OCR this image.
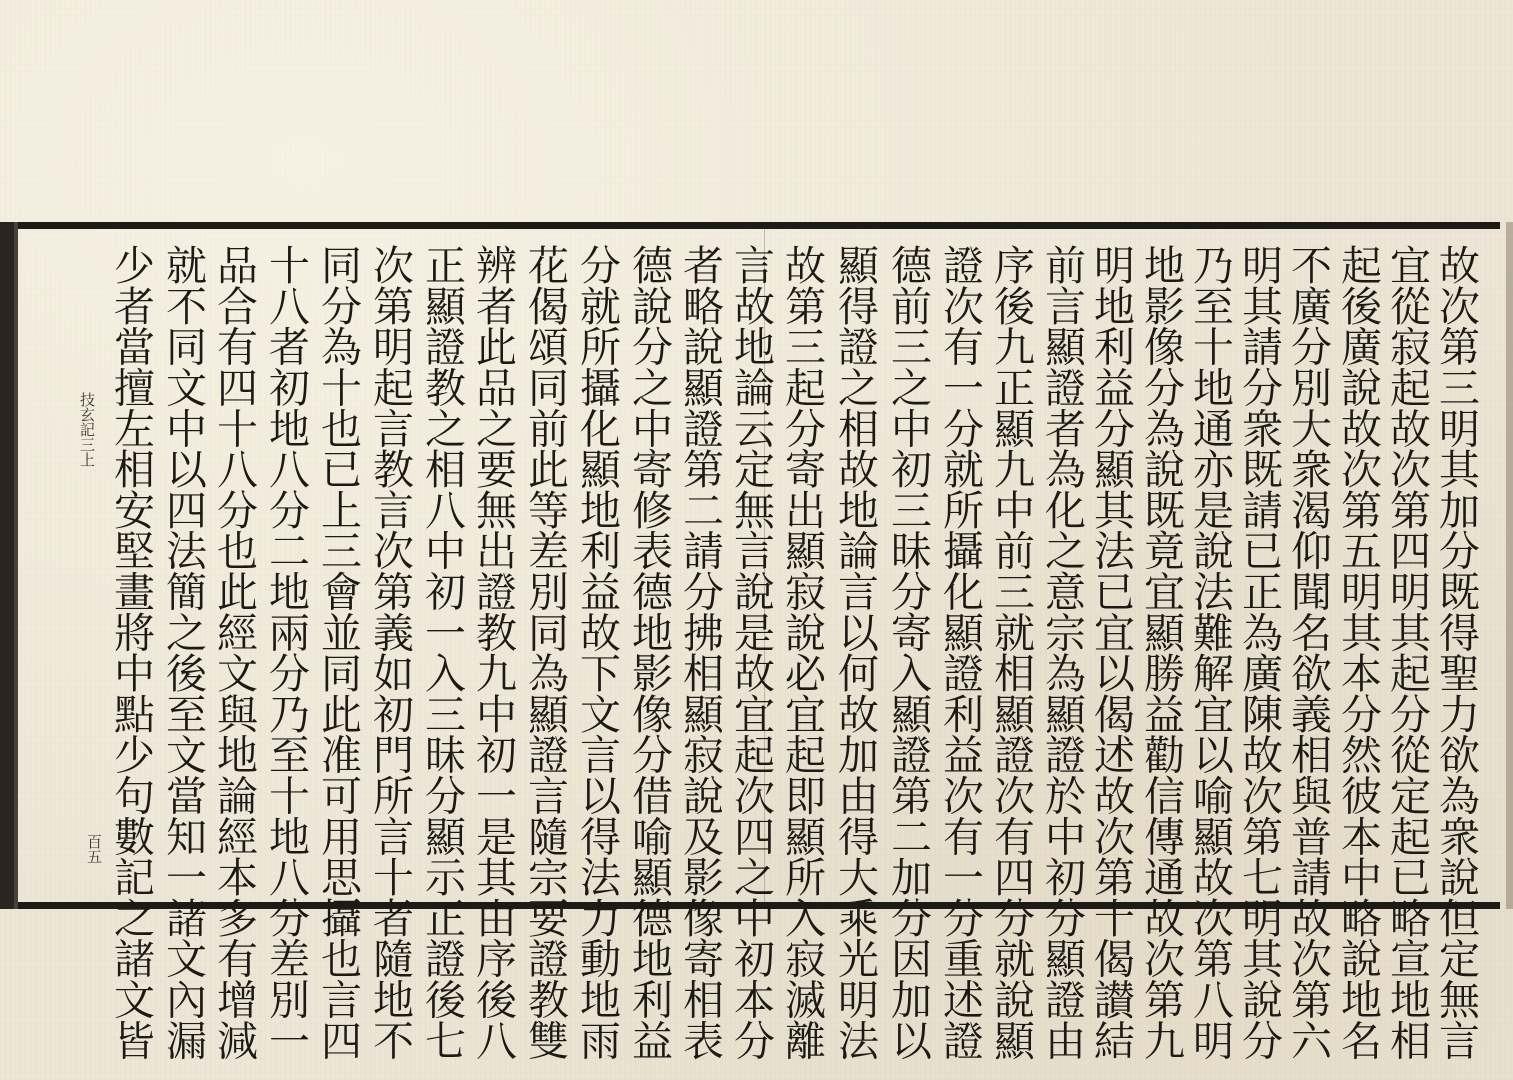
故次第三明其加分既得聖力欲為衆說但定無言
宜從寂起故次第四明其起分從定起已略宣地相
起後廣說故次第五明其本分然彼本中略說地名
不廣分別大衆渴仰聞名欲義相與普請故次第六
明其請分衆既請已正為廣陳故次第七明其說分
乃至十地通亦是說法難解宜以喻顯故次第八明
地影像分為說既竟宜顯勝益勸信傳通故次第九
明地利益分顯其法已宜以偈述故次第十偈讃結
前言顯證者為化之意宗為顯證於中初分顯證由
序後九正顯九中前三就相顯證次有四分就說顯
證次有一分就所攝化顯證利益次有一分重述證
德前三之中初三昧分寄入顯證第二加分因加以
顯得證之相故地論言以何故加由得大乘光明法
故第三起分寄出顯寂說必宜起即顯所入寂滅離
言故地論云定無言說是故宜起次四之中初本分
者略說顯證第二請分拂相顯寂說及影像寄相表
德說分之中寄修表德地影像分借喻顯德地利益
分就所攝化顯地利益故下文言以得法力動地雨
花偈頌同前此等差別同為顯證言隨宗要證教雙
辨者此品之要無出證教九中初一是其由序後八
正顯證教之相八中初一入三昧分顯示正證後七
次第明起言教言次第義如初門所言十者隨地不
同分為十也已上三會並同此准可用思攝也言四
十八者初地八分二地兩分乃至十地八分差別一
品合有四十八分也此經文與地論經本多有增減
就不同文中以四法簡之後至文當知一諸文內漏
少者當擅左相安堅畫將中點少句數記之諸文皆
技玄記三上
百五
